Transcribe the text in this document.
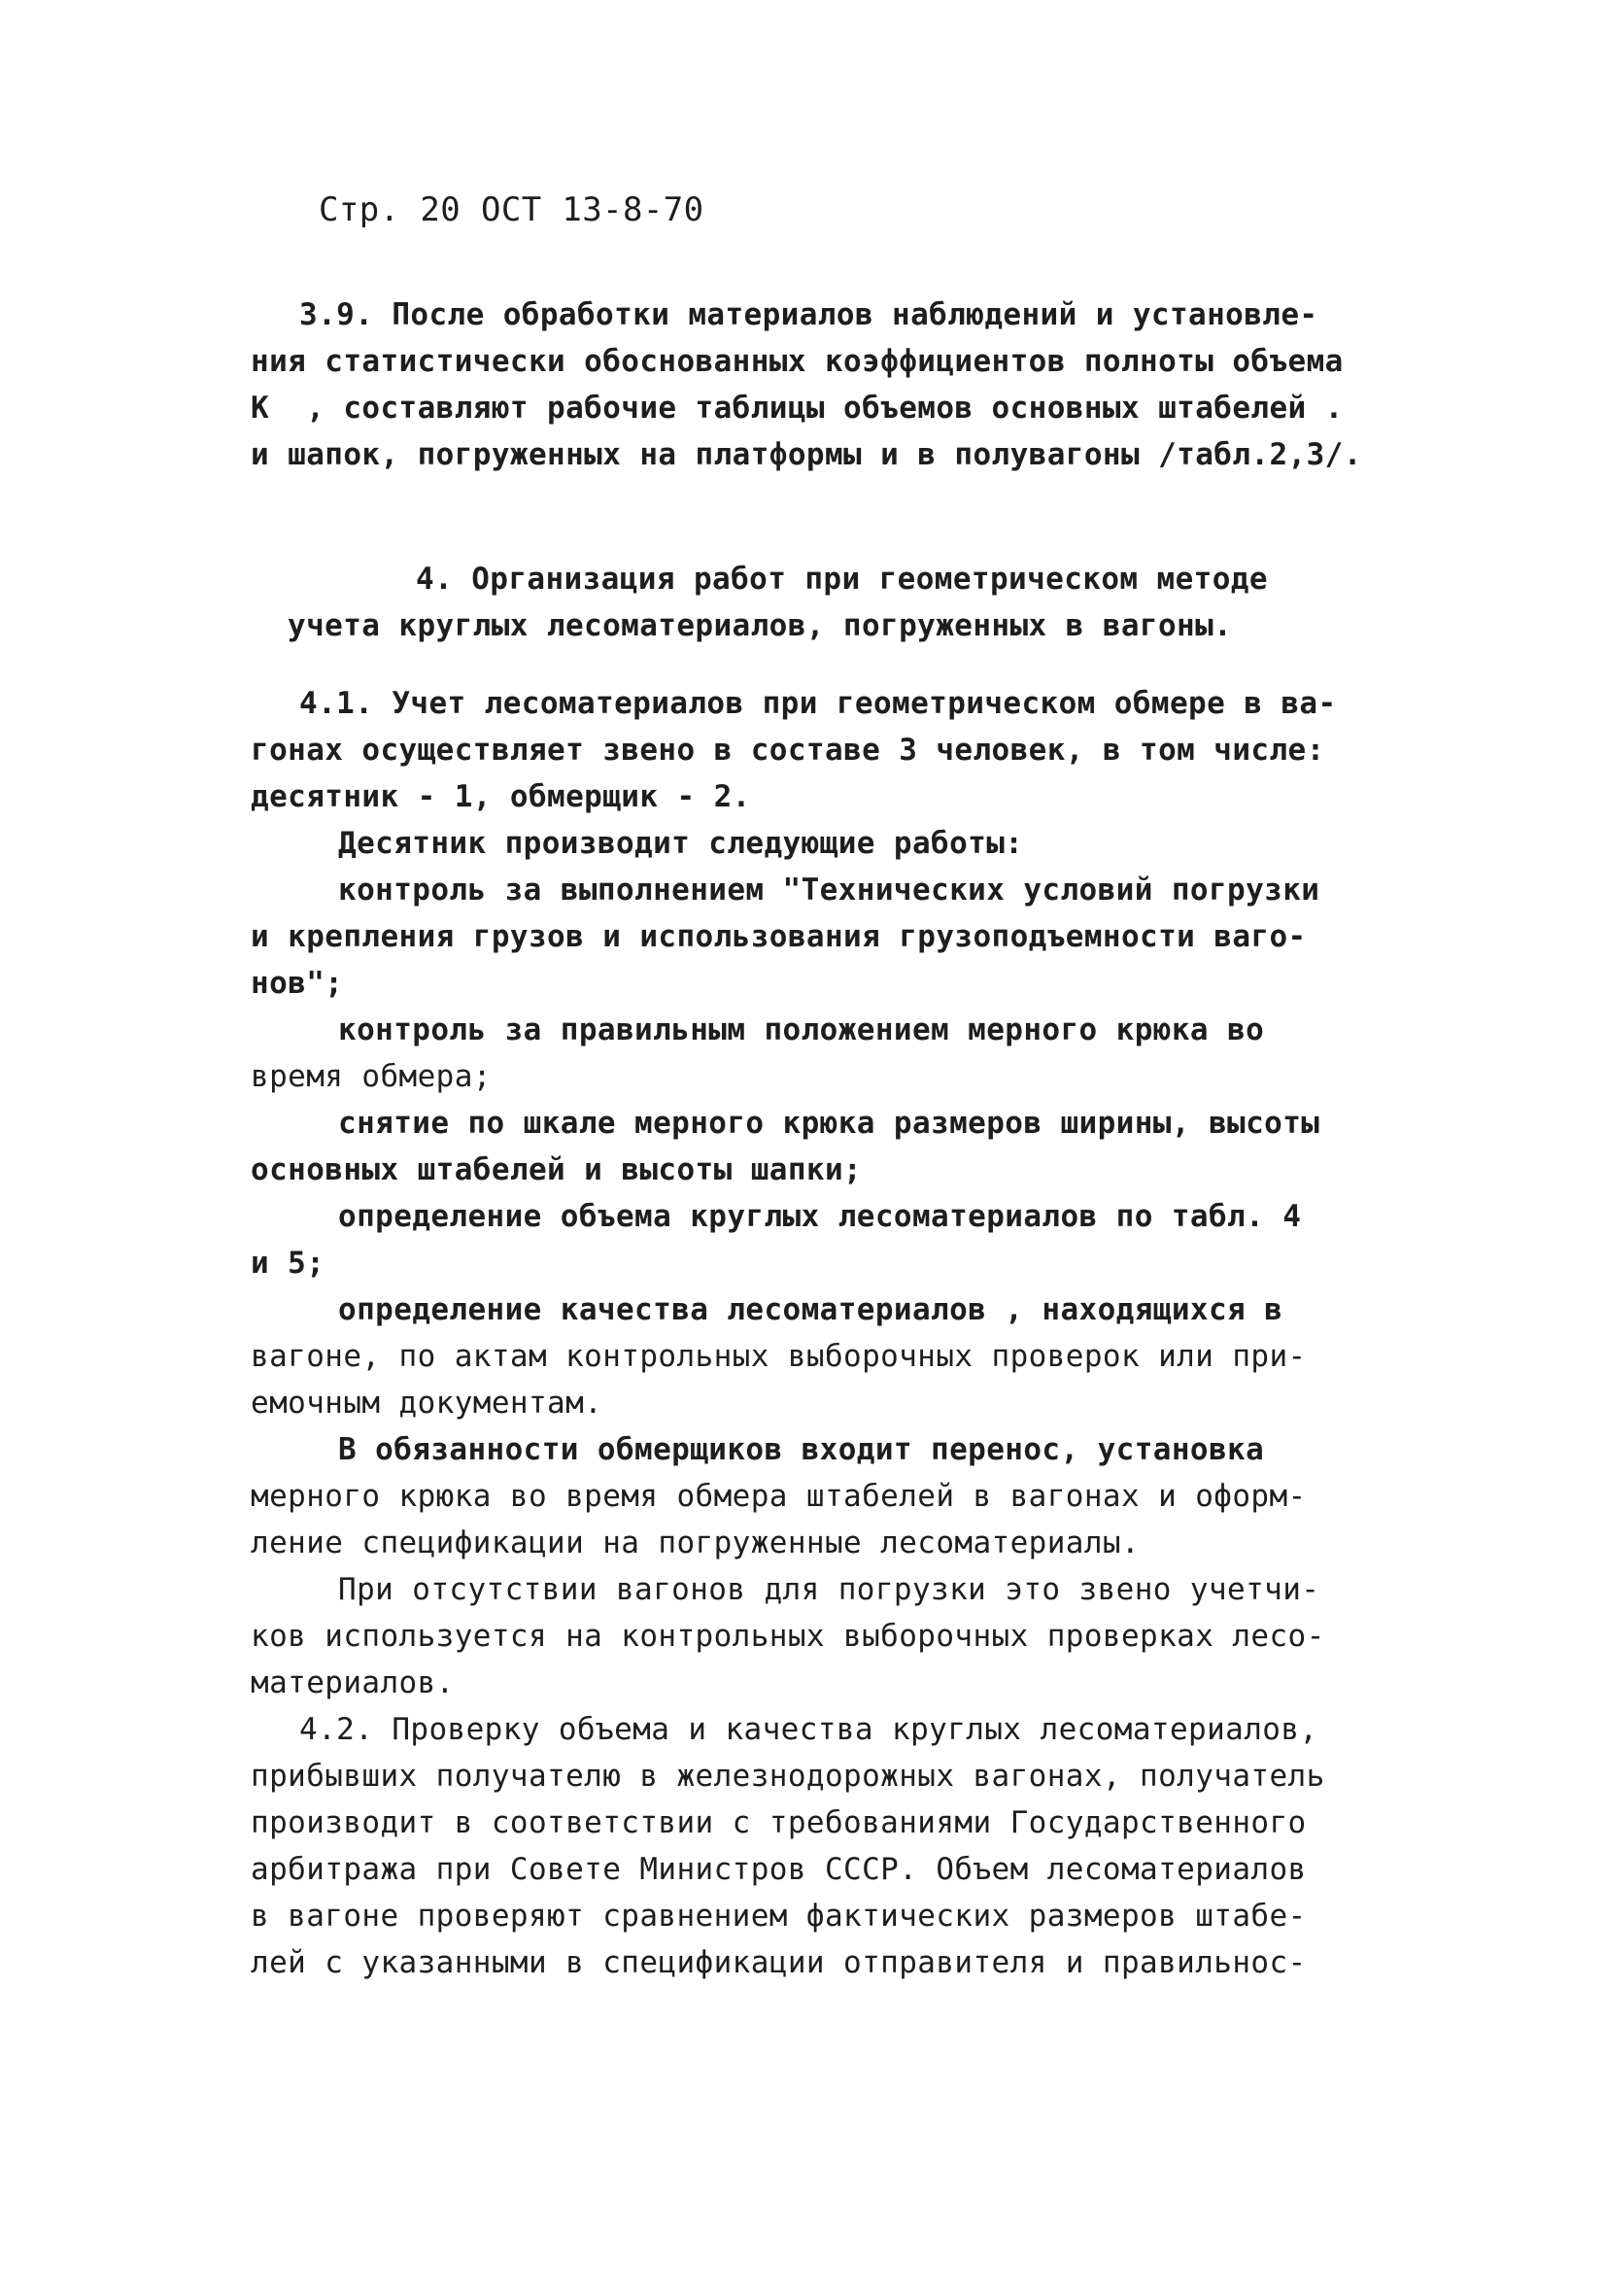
Стр. 20 ОСТ 13-8-70
3.9. После обработки материалов наблюдений и установле-
ния статистически обоснованных коэффициентов полноты объема
К  , составляют рабочие таблицы объемов основных штабелей .
и шапок, погруженных на платформы и в полувагоны /табл.2,3/.
4. Организация работ при геометрическом методе
учета круглых лесоматериалов, погруженных в вагоны.
4.1. Учет лесоматериалов при геометрическом обмере в ва-
гонах осуществляет звено в составе 3 человек, в том числе:
десятник - 1, обмерщик - 2.
Десятник производит следующие работы:
контроль за выполнением "Технических условий погрузки
и крепления грузов и использования грузоподъемности ваго-
нов";
контроль за правильным положением мерного крюка во
время обмера;
снятие по шкале мерного крюка размеров ширины, высоты
основных штабелей и высоты шапки;
определение объема круглых лесоматериалов по табл. 4
и 5;
определение качества лесоматериалов , находящихся в
вагоне, по актам контрольных выборочных проверок или при-
емочным документам.
В обязанности обмерщиков входит перенос, установка
мерного крюка во время обмера штабелей в вагонах и оформ-
ление спецификации на погруженные лесоматериалы.
При отсутствии вагонов для погрузки это звено учетчи-
ков используется на контрольных выборочных проверках лесо-
материалов.
4.2. Проверку объема и качества круглых лесоматериалов,
прибывших получателю в железнодорожных вагонах, получатель
производит в соответствии с требованиями Государственного
арбитража при Совете Министров СССР. Объем лесоматериалов
в вагоне проверяют сравнением фактических размеров штабе-
лей с указанными в спецификации отправителя и правильнос-
